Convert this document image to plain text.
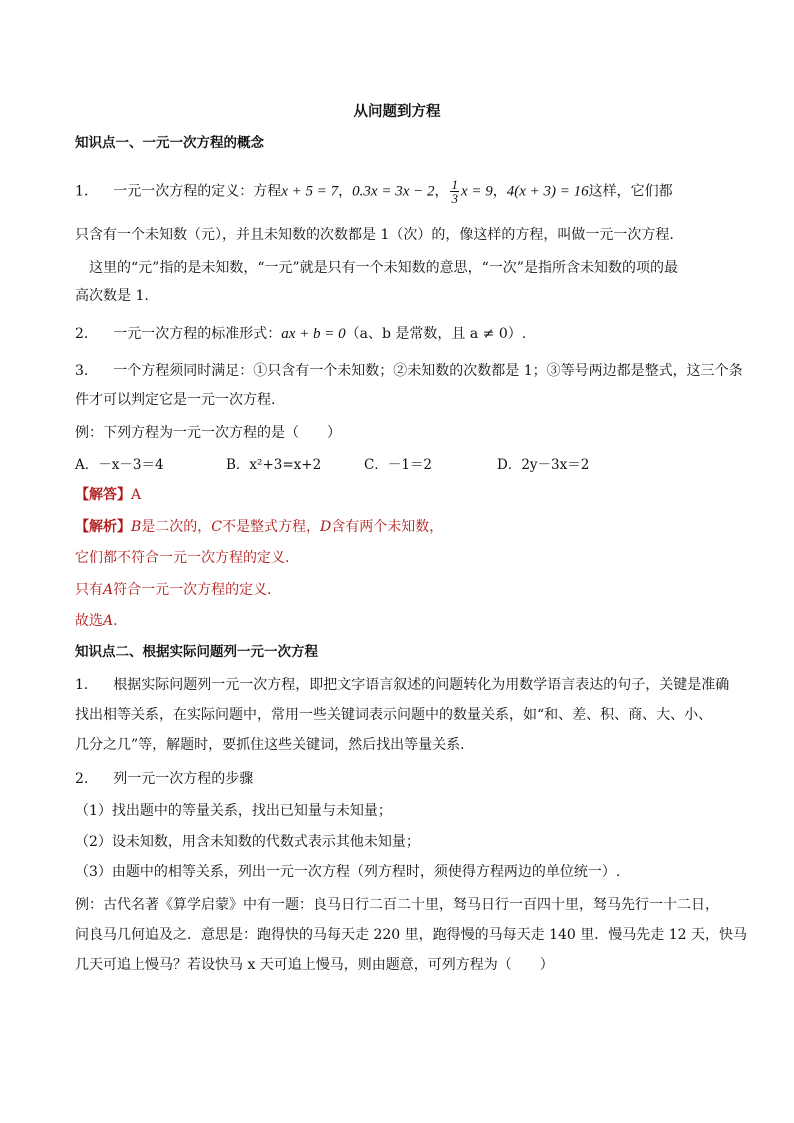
从问题到方程
知识点一、一元一次方程的概念
1. 一元一次方程的定义：方程x + 5 = 7，0.3x = 3x − 2， $\frac{1}{3}$ x = 9，4(x + 3) = 16这样，它们都
只含有一个未知数（元），并且未知数的次数都是 1（次）的，像这样的方程，叫做一元一次方程.
这里的“元”指的是未知数，“一元”就是只有一个未知数的意思，“一次”是指所含未知数的项的最
高次数是 1.
2. 一元一次方程的标准形式：ax + b = 0（a、b 是常数，且 a ≠ 0）.
3. 一个方程须同时满足：①只含有一个未知数；②未知数的次数都是 1；③等号两边都是整式，这三个条
件才可以判定它是一元一次方程.
例：下列方程为一元一次方程的是（　　）
A．－x－3＝4	B．x²+3=x+2	C．－1＝2	D．2y－3x＝2
【解答】A
【解析】B是二次的，C不是整式方程，D含有两个未知数，
它们都不符合一元一次方程的定义．
只有A符合一元一次方程的定义．
故选A．
知识点二、根据实际问题列一元一次方程
1. 根据实际问题列一元一次方程，即把文字语言叙述的问题转化为用数学语言表达的句子，关键是准确
找出相等关系，在实际问题中，常用一些关键词表示问题中的数量关系，如“和、差、积、商、大、小、
几分之几”等，解题时，要抓住这些关键词，然后找出等量关系.
2. 列一元一次方程的步骤
（1）找出题中的等量关系，找出已知量与未知量；
（2）设未知数，用含未知数的代数式表示其他未知量；
（3）由题中的相等关系，列出一元一次方程（列方程时，须使得方程两边的单位统一）.
例：古代名著《算学启蒙》中有一题：良马日行二百二十里，驽马日行一百四十里，驽马先行一十二日，
问良马几何追及之．意思是：跑得快的马每天走 220 里，跑得慢的马每天走 140 里．慢马先走 12 天，快马
几天可追上慢马？若设快马 x 天可追上慢马，则由题意，可列方程为（　　）
